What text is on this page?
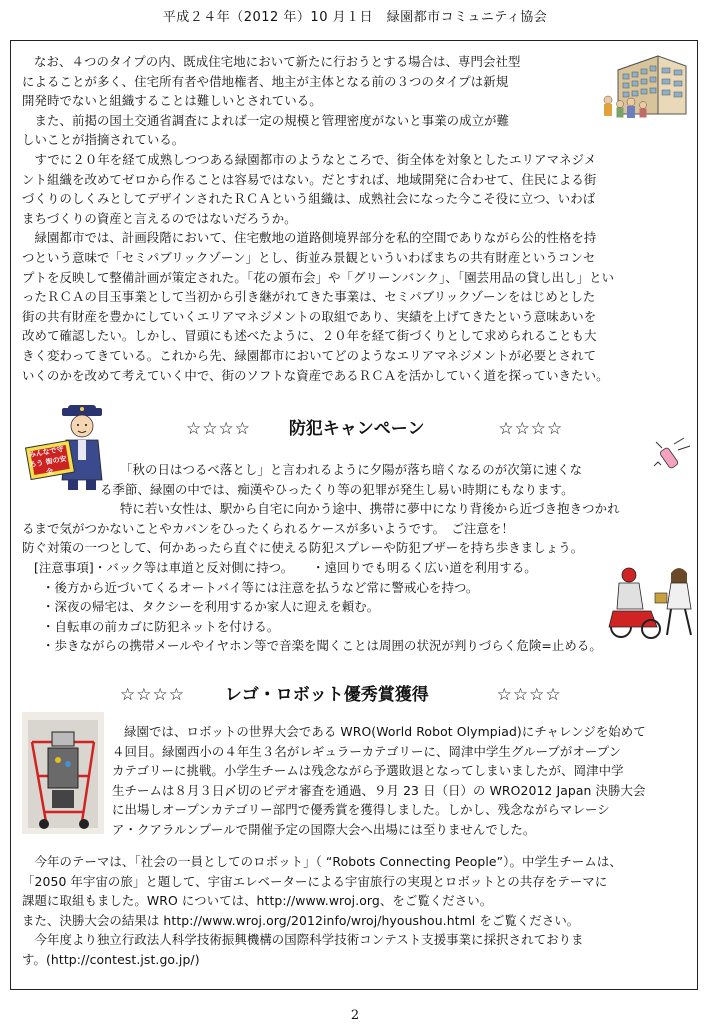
平成２４年（2012 年）10 月１日　緑園都市コミュニティ協会
なお、４つのタイプの内、既成住宅地において新たに行おうとする場合は、専門会社型
によることが多く、住宅所有者や借地権者、地主が主体となる前の３つのタイプは新規
開発時でないと組織することは難しいとされている。
　また、前掲の国土交通省調査によれば一定の規模と管理密度がないと事業の成立が難
しいことが指摘されている。
　すでに２０年を経て成熟しつつある緑園都市のようなところで、街全体を対象としたエリアマネジメ
ント組織を改めてゼロから作ることは容易ではない。だとすれば、地域開発に合わせて、住民による街
づくりのしくみとしてデザインされたＲＣＡという組織は、成熟社会になった今こそ役に立つ、いわば
まちづくりの資産と言えるのではないだろうか。
　緑園都市では、計画段階において、住宅敷地の道路側境界部分を私的空間でありながら公的性格を持
つという意味で「セミパブリックゾーン」とし、街並み景観といういわばまちの共有財産というコンセ
プトを反映して整備計画が策定された。「花の頒布会」や「グリーンバンク」、「園芸用品の貸し出し」とい
ったＲＣＡの目玉事業として当初から引き継がれてきた事業は、セミパブリックゾーンをはじめとした
街の共有財産を豊かにしていくエリアマネジメントの取組であり、実績を上げてきたという意味あいを
改めて確認したい。しかし、冒頭にも述べたように、２０年を経て街づくりとして求められることも大
きく変わってきている。これから先、緑園都市においてどのようなエリアマネジメントが必要とされて
いくのかを改めて考えていく中で、街のソフトな資産であるＲＣＡを活かしていく道を探っていきたい。
☆☆☆☆ 防犯キャンペーン	☆☆☆☆
みんなで守ろう 街の安全	「秋の日はつるべ落とし」と言われるように夕陽が落ち暗くなるのが次第に速くな
る季節、緑園の中では、痴漢やひったくり等の犯罪が発生し易い時期にもなります。
特に若い女性は、駅から自宅に向かう途中、携帯に夢中になり背後から近づき抱きつかれ
るまで気がつかないことやカバンをひったくられるケースが多いようです。　ご注意を！
防ぐ対策の一つとして、何かあったら直ぐに使える防犯スプレーや防犯ブザーを持ち歩きましょう。
[注意事項]・バック等は車道と反対側に持つ。　　・遠回りでも明るく広い道を利用する。
・後方から近づいてくるオートバイ等には注意を払うなど常に警戒心を持つ。
・深夜の帰宅は、タクシーを利用するか家人に迎えを頼む。
・自転車の前カゴに防犯ネットを付ける。
・歩きながらの携帯メールやイヤホン等で音楽を聞くことは周囲の状況が判りづらく危険=止める。
☆☆☆☆ レゴ・ロボット優秀賞獲得	☆☆☆☆
緑園では、ロボットの世界大会である WRO(World Robot Olympiad)にチャレンジを始めて
４回目。緑園西小の４年生３名がレギュラーカテゴリーに、岡津中学生グループがオープン
カテゴリーに挑戦。小学生チームは残念ながら予選敗退となってしまいましたが、岡津中学
生チームは８月３日〆切のビデオ審査を通過、９月 23 日（日）の WRO2012 Japan 決勝大会
に出場しオープンカテゴリー部門で優秀賞を獲得しました。しかし、残念ながらマレーシ
ア・クアラルンプールで開催予定の国際大会へ出場には至りませんでした。
　今年のテーマは、「社会の一員としてのロボット」（ “Robots Connecting People”）。中学生チームは、
「2050 年宇宙の旅」と題して、宇宙エレベーターによる宇宙旅行の実現とロボットとの共存をテーマに
課題に取組もました。WRO については、http://www.wroj.org、をご覧ください。
また、決勝大会の結果は http://www.wroj.org/2012info/wroj/hyoushou.html をご覧ください。
　今年度より独立行政法人科学技術振興機構の国際科学技術コンテスト支援事業に採択されておりま
す。(http://contest.jst.go.jp/)
2
